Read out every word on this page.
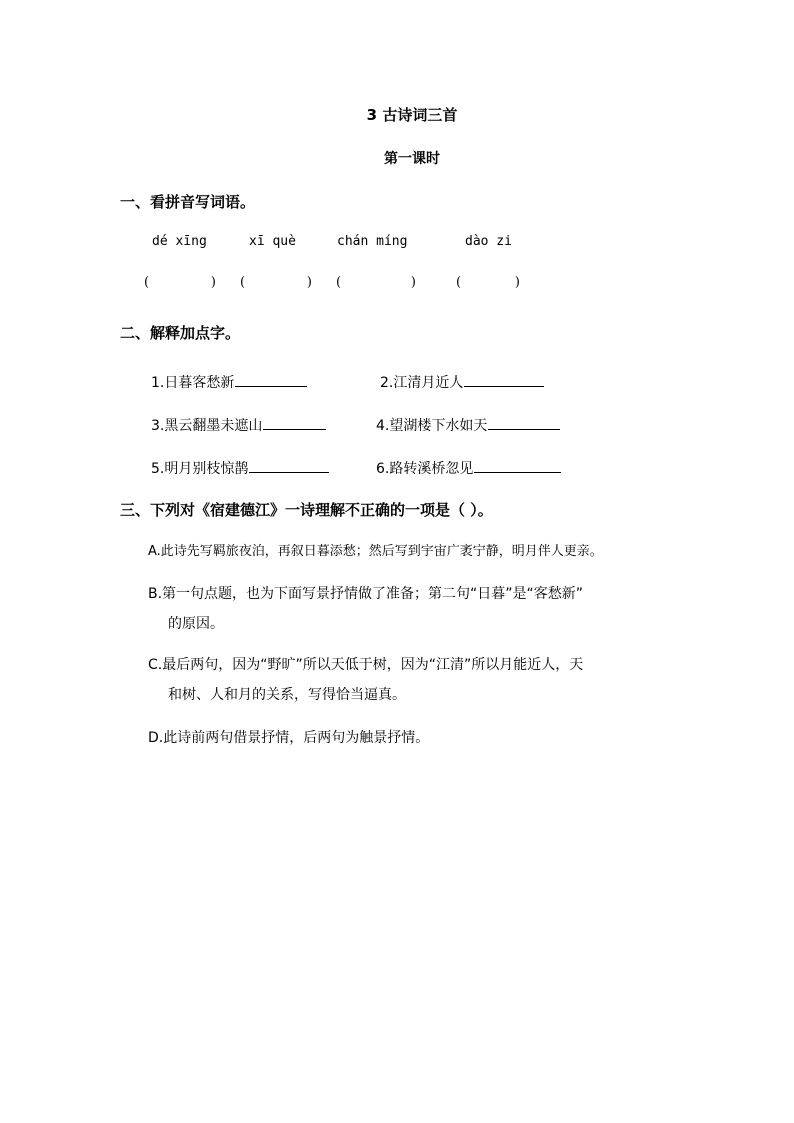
3 古诗词三首
第一课时
一、看拼音写词语。
dé xīng	xī què	chán míng	dào zi
(	) (	) (	)	(	)
二、解释加点字。
1.日暮客愁新	2.江清月近人
3.黑云翻墨未遮山	4.望湖楼下水如天
5.明月别枝惊鹊	6.路转溪桥忽见
三、下列对《宿建德江》一诗理解不正确的一项是（ ）。
A.此诗先写羁旅夜泊，再叙日暮添愁；然后写到宇宙广袤宁静，明月伴人更亲。
B.第一句点题，也为下面写景抒情做了准备；第二句“日暮”是“客愁新”
的原因。
C.最后两句，因为“野旷”所以天低于树，因为“江清”所以月能近人，天
和树、人和月的关系，写得恰当逼真。
D.此诗前两句借景抒情，后两句为触景抒情。
